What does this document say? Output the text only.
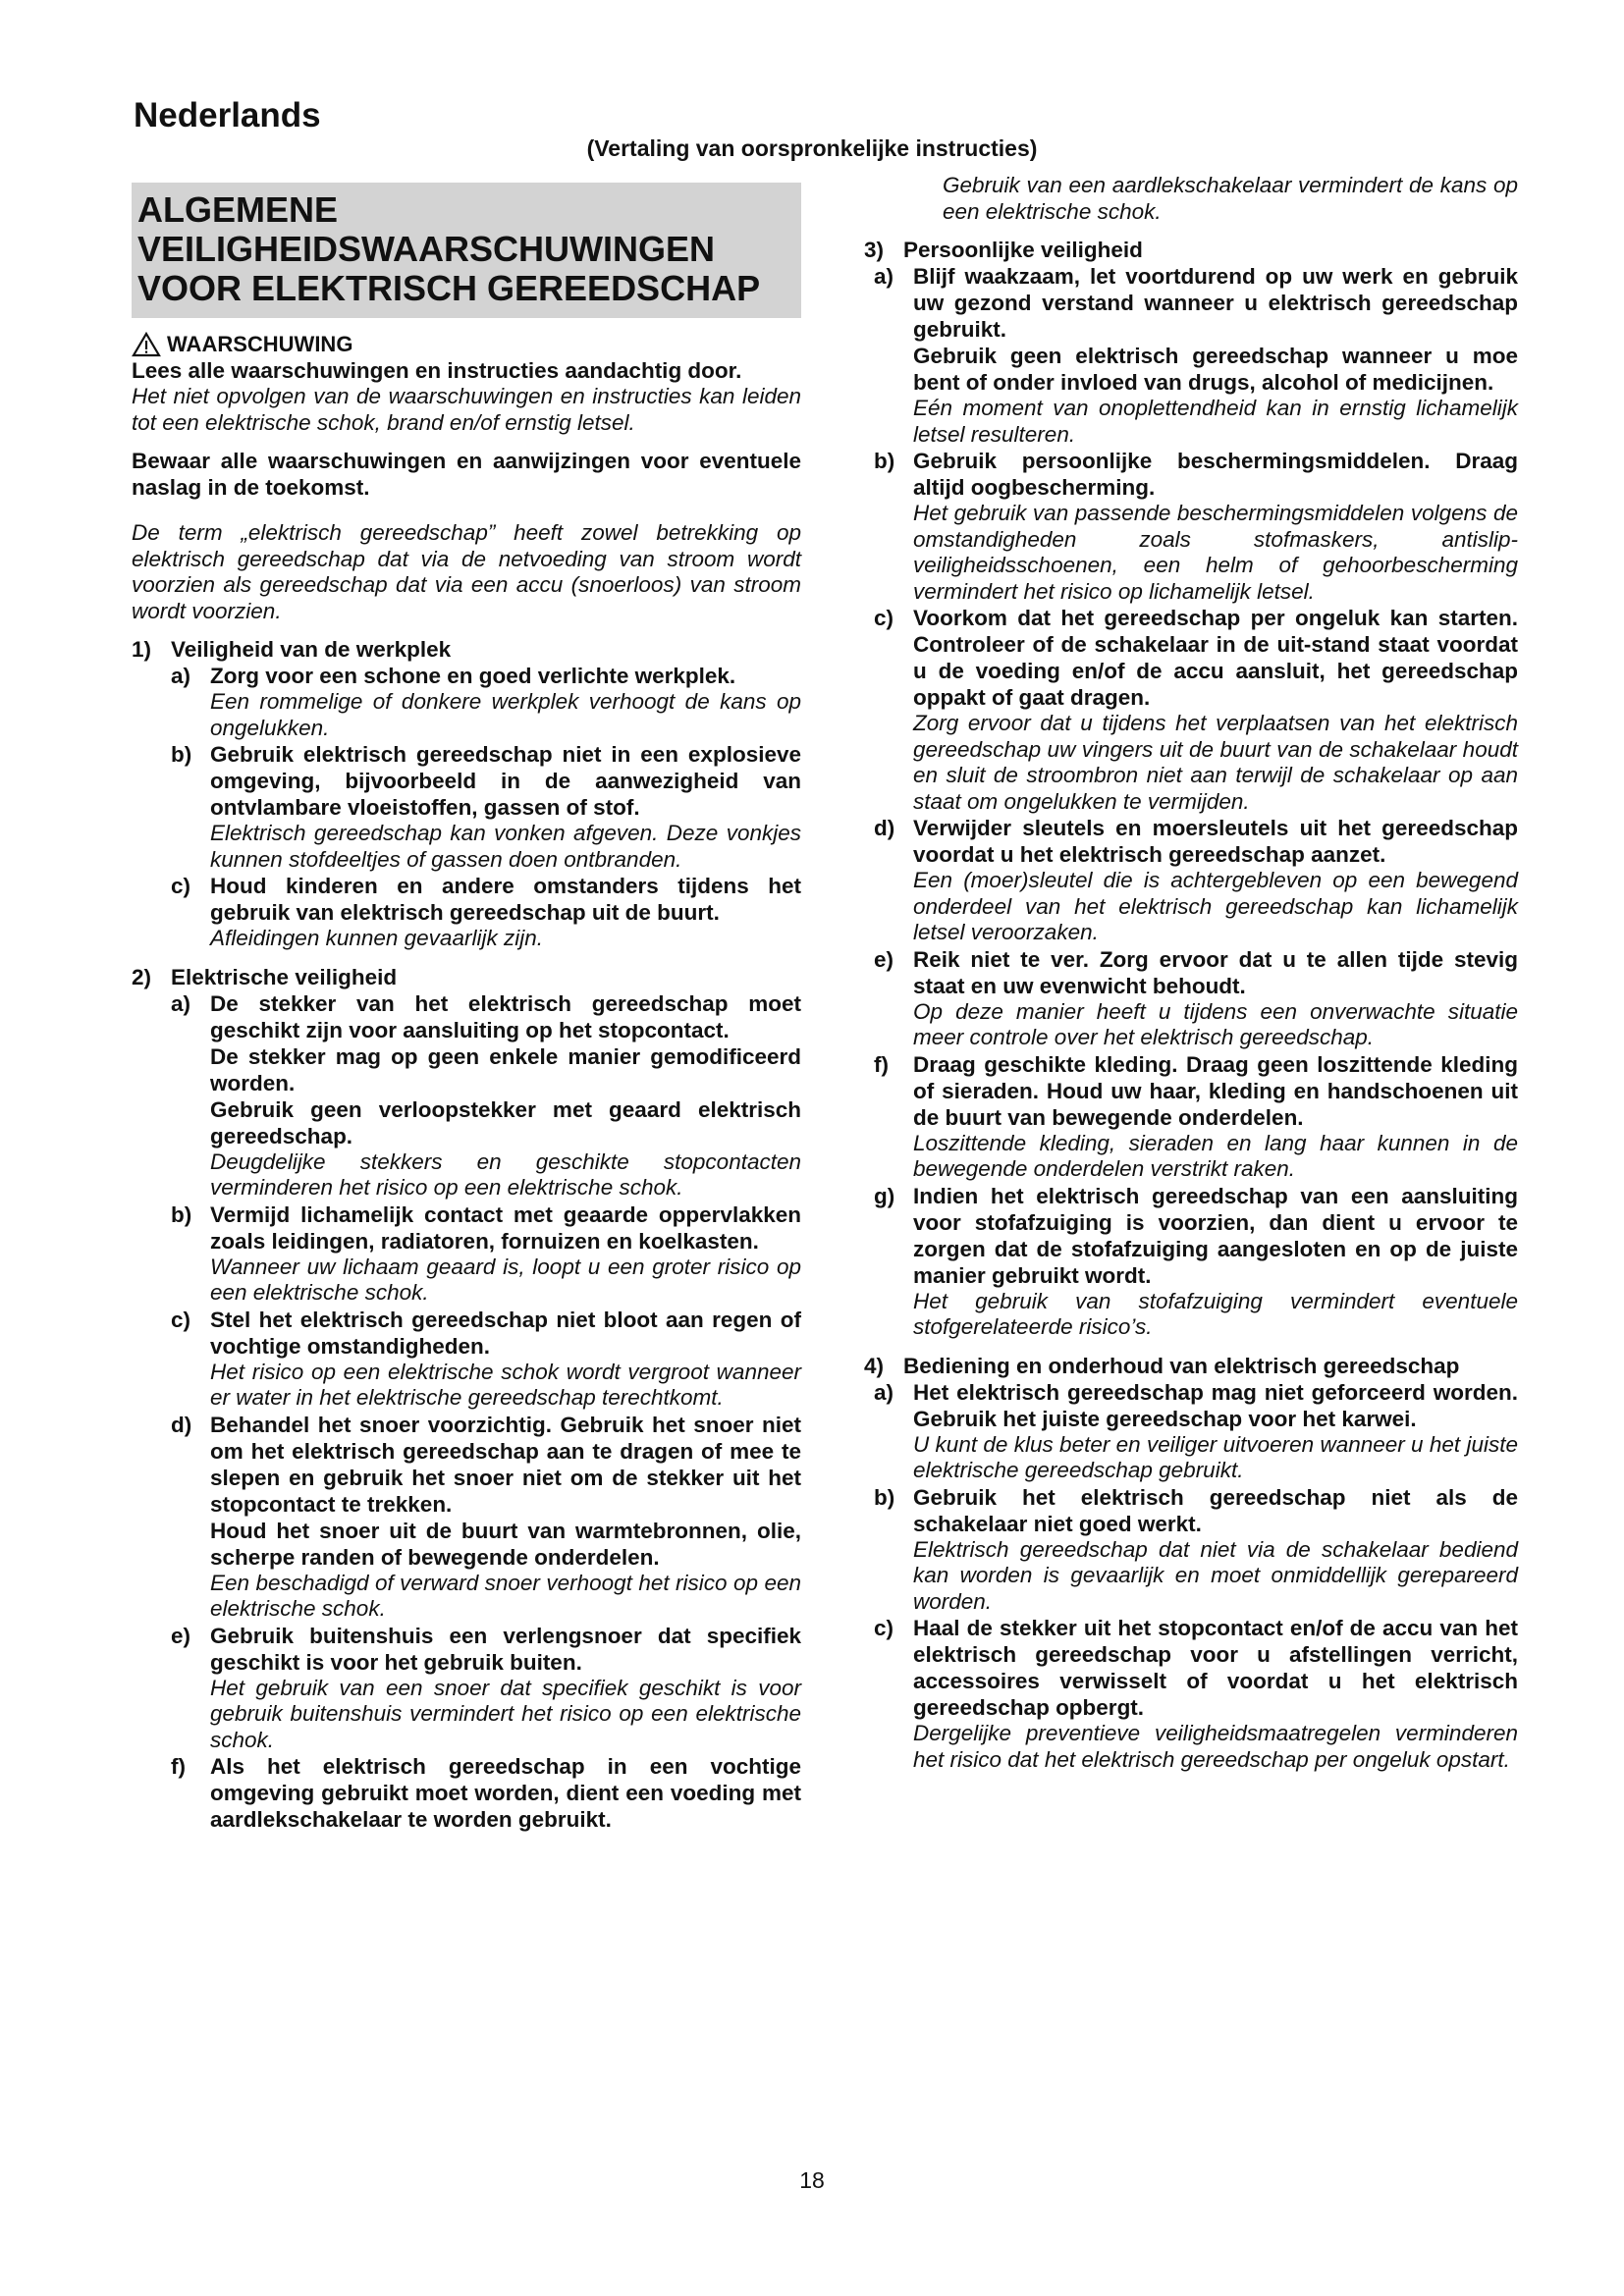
Nederlands
(Vertaling van oorspronkelijke instructies)
ALGEMENE
VEILIGHEIDSWAARSCHUWINGEN
VOOR ELEKTRISCH GEREEDSCHAP
WAARSCHUWING

Lees alle waarschuwingen en instructies aandachtig door.

Het niet opvolgen van de waarschuwingen en instructies kan leiden tot een elektrische schok, brand en/of ernstig letsel.

Bewaar alle waarschuwingen en aanwijzingen voor eventuele naslag in de toekomst.

De term „elektrisch gereedschap” heeft zowel betrekking op elektrisch gereedschap dat via de netvoeding van stroom wordt voorzien als gereedschap dat via een accu (snoerloos) van stroom wordt voorzien.

1) Veiligheid van de werkplek
a) Zorg voor een schone en goed verlichte werkplek.

Een rommelige of donkere werkplek verhoogt de kans op ongelukken.

b) Gebruik elektrisch gereedschap niet in een explosieve omgeving, bijvoorbeeld in de aanwezigheid van ontvlambare vloeistoffen, gassen of stof.

Elektrisch gereedschap kan vonken afgeven. Deze vonkjes kunnen stofdeeltjes of gassen doen ontbranden.

c) Houd kinderen en andere omstanders tijdens het gebruik van elektrisch gereedschap uit de buurt.

Afleidingen kunnen gevaarlijk zijn.

2) Elektrische veiligheid
a) De stekker van het elektrisch gereedschap moet geschikt zijn voor aansluiting op het stopcontact.

De stekker mag op geen enkele manier gemodificeerd worden.

Gebruik geen verloopstekker met geaard elektrisch gereedschap.

Deugdelijke stekkers en geschikte stopcontacten verminderen het risico op een elektrische schok.

b) Vermijd lichamelijk contact met geaarde oppervlakken zoals leidingen, radiatoren, fornuizen en koelkasten.

Wanneer uw lichaam geaard is, loopt u een groter risico op een elektrische schok.

c) Stel het elektrisch gereedschap niet bloot aan regen of vochtige omstandigheden.

Het risico op een elektrische schok wordt vergroot wanneer er water in het elektrische gereedschap terechtkomt.

d) Behandel het snoer voorzichtig. Gebruik het snoer niet om het elektrisch gereedschap aan te dragen of mee te slepen en gebruik het snoer niet om de stekker uit het stopcontact te trekken.

Houd het snoer uit de buurt van warmtebronnen, olie, scherpe randen of bewegende onderdelen.

Een beschadigd of verward snoer verhoogt het risico op een elektrische schok.

e) Gebruik buitenshuis een verlengsnoer dat specifiek geschikt is voor het gebruik buiten.

Het gebruik van een snoer dat specifiek geschikt is voor gebruik buitenshuis vermindert het risico op een elektrische schok.

f)	Als het elektrisch gereedschap in een vochtige omgeving gebruikt moet worden, dient een voeding met aardlekschakelaar te worden gebruikt.

Gebruik van een aardlekschakelaar vermindert de kans op een elektrische schok.

3) Persoonlijke veiligheid
a) Blijf waakzaam, let voortdurend op uw werk en gebruik uw gezond verstand wanneer u elektrisch gereedschap gebruikt.

Gebruik geen elektrisch gereedschap wanneer u moe bent of onder invloed van drugs, alcohol of medicijnen.

Eén moment van onoplettendheid kan in ernstig lichamelijk letsel resulteren.

b) Gebruik persoonlijke beschermingsmiddelen. Draag altijd oogbescherming.

Het gebruik van passende beschermingsmiddelen volgens de omstandigheden zoals stofmaskers, antislip-veiligheidsschoenen, een helm of gehoorbescherming vermindert het risico op lichamelijk letsel.

c) Voorkom dat het gereedschap per ongeluk kan starten. Controleer of de schakelaar in de uit-stand staat voordat u de voeding en/of de accu aansluit, het gereedschap oppakt of gaat dragen.

Zorg ervoor dat u tijdens het verplaatsen van het elektrisch gereedschap uw vingers uit de buurt van de schakelaar houdt en sluit de stroombron niet aan terwijl de schakelaar op aan staat om ongelukken te vermijden.

d) Verwijder sleutels en moersleutels uit het gereedschap voordat u het elektrisch gereedschap aanzet.

Een (moer)sleutel die is achtergebleven op een bewegend onderdeel van het elektrisch gereedschap kan lichamelijk letsel veroorzaken.

e) Reik niet te ver. Zorg ervoor dat u te allen tijde stevig staat en uw evenwicht behoudt.

Op deze manier heeft u tijdens een onverwachte situatie meer controle over het elektrisch gereedschap.

f)	Draag geschikte kleding. Draag geen loszittende kleding of sieraden. Houd uw haar, kleding en handschoenen uit de buurt van bewegende onderdelen.

Loszittende kleding, sieraden en lang haar kunnen in de bewegende onderdelen verstrikt raken.

g) Indien het elektrisch gereedschap van een aansluiting voor stofafzuiging is voorzien, dan dient u ervoor te zorgen dat de stofafzuiging aangesloten en op de juiste manier gebruikt wordt.

Het gebruik van stofafzuiging vermindert eventuele stofgerelateerde risico’s.

4) Bediening en onderhoud van elektrisch gereedschap
a) Het elektrisch gereedschap mag niet geforceerd worden. Gebruik het juiste gereedschap voor het karwei.

U kunt de klus beter en veiliger uitvoeren wanneer u het juiste elektrische gereedschap gebruikt.

b) Gebruik het elektrisch gereedschap niet als de schakelaar niet goed werkt.

Elektrisch gereedschap dat niet via de schakelaar bediend kan worden is gevaarlijk en moet onmiddellijk gerepareerd worden.

c) Haal de stekker uit het stopcontact en/of de accu van het elektrisch gereedschap voor u afstellingen verricht, accessoires verwisselt of voordat u het elektrisch gereedschap opbergt.

Dergelijke preventieve veiligheidsmaatregelen verminderen het risico dat het elektrisch gereedschap per ongeluk opstart.

18
